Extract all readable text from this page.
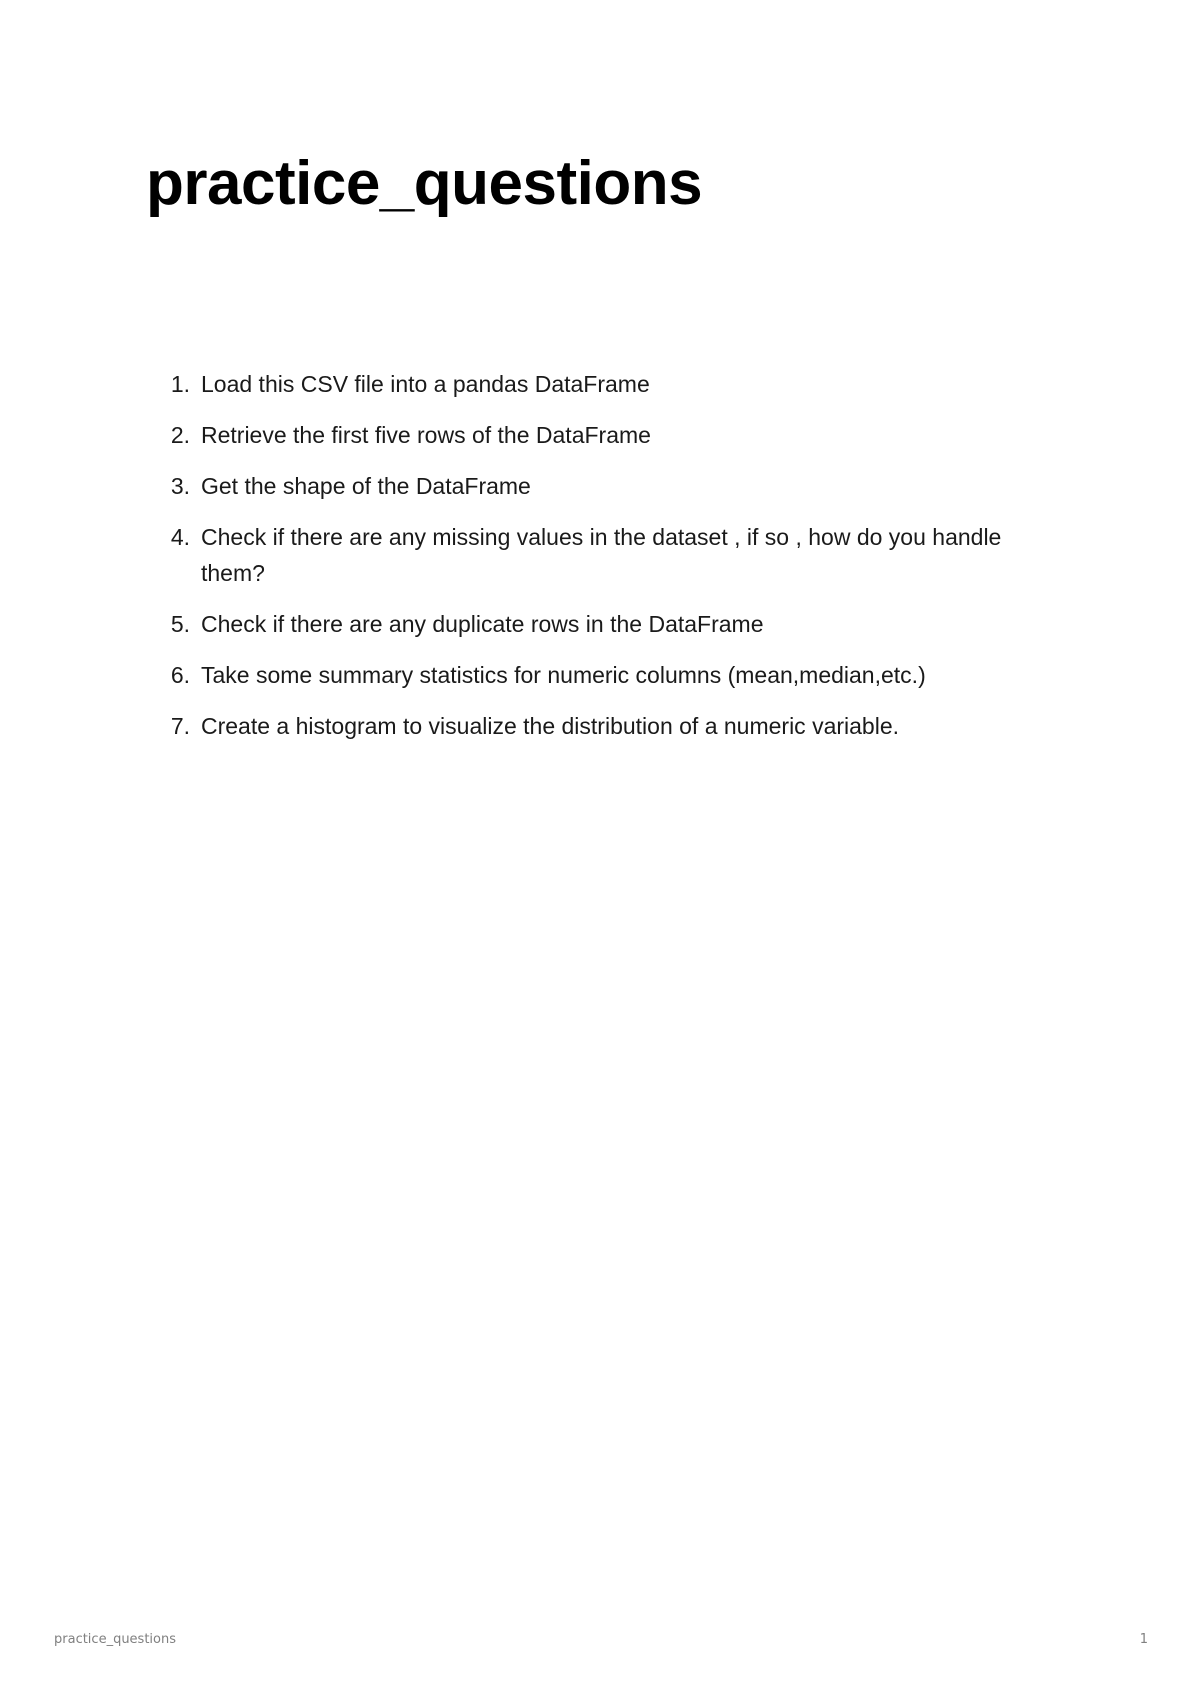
practice_questions
1. Load this CSV file into a pandas DataFrame
2. Retrieve the first five rows of the DataFrame
3. Get the shape of the DataFrame
4. Check if there are any missing values in the dataset , if so , how do you handle them?
5. Check if there are any duplicate rows in the DataFrame
6. Take some summary statistics for numeric columns (mean,median,etc.)
7. Create a histogram to visualize the distribution of a numeric variable.
practice_questions	1
